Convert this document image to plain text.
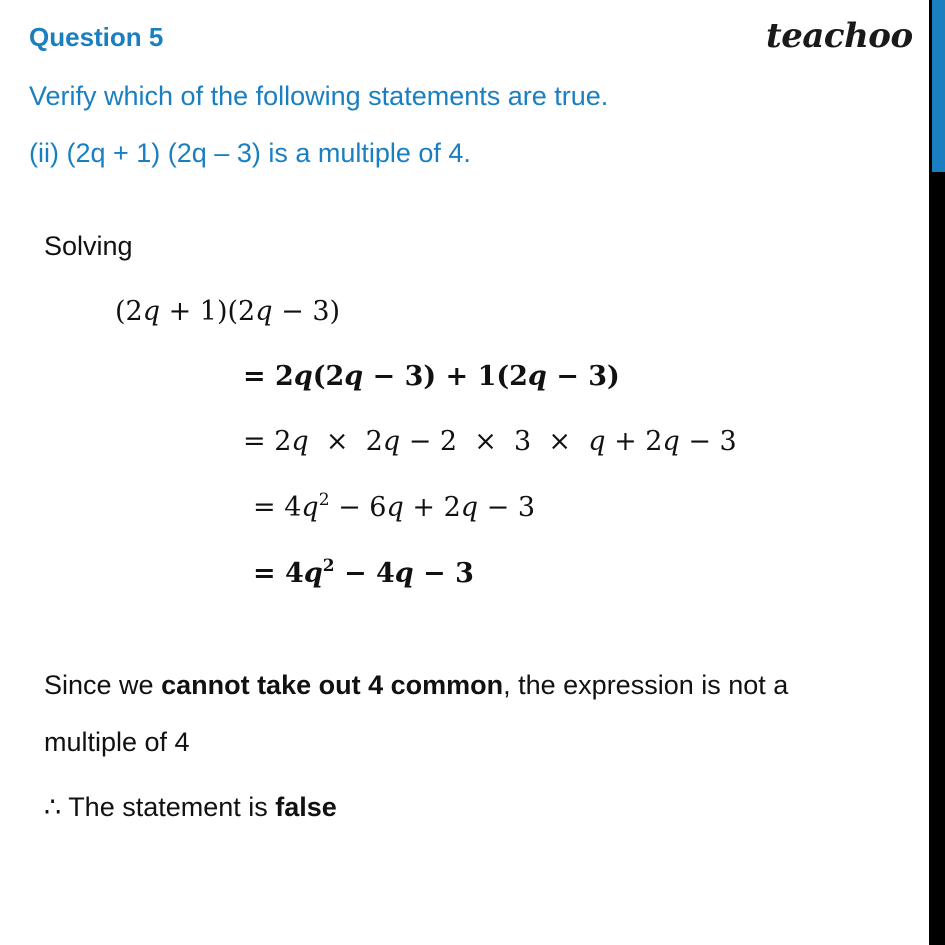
Question 5	teachoo
Verify which of the following statements are true.
(ii) (2q + 1) (2q – 3) is a multiple of 4.
Solving
(2q + 1)(2q − 3)
= 2q(2q − 3) + 1(2q − 3)
= 2q  ×  2q − 2  ×  3  ×  q + 2q − 3
= $4q^2 - 6q + 2q - 3$
= $4q^2 - 4q - 3$
Since we cannot take out 4 common, the expression is not a
multiple of 4
∴ The statement is false
